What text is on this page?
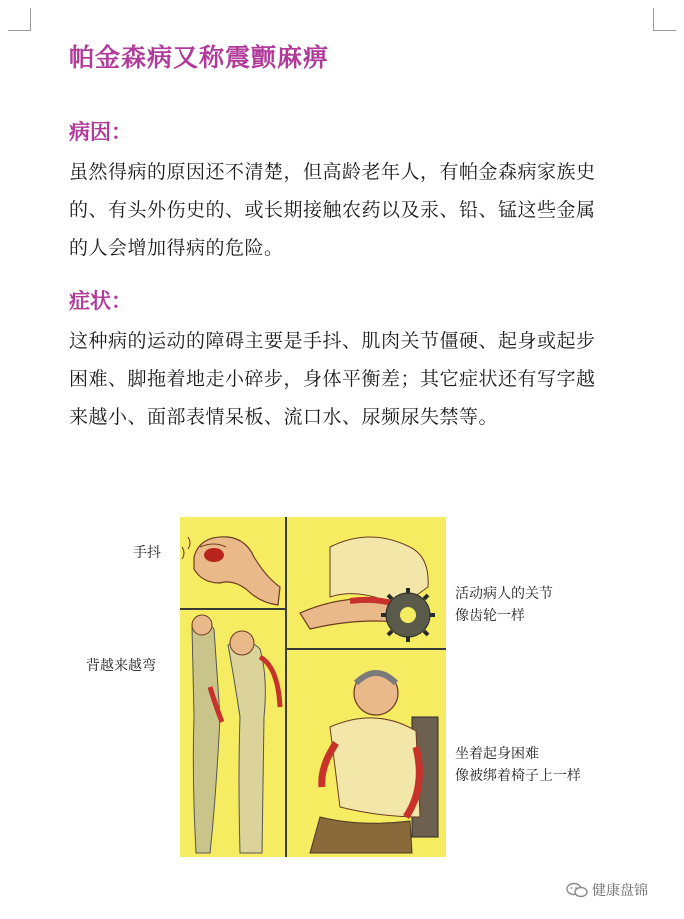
帕金森病又称震颤麻痹
病因：
虽然得病的原因还不清楚，但高龄老年人，有帕金森病家族史
的、有头外伤史的、或长期接触农药以及汞、铅、锰这些金属
的人会增加得病的危险。
症状：
这种病的运动的障碍主要是手抖、肌肉关节僵硬、起身或起步
困难、脚拖着地走小碎步，身体平衡差；其它症状还有写字越
来越小、面部表情呆板、流口水、尿频尿失禁等。
手抖
背越来越弯
活动病人的关节
像齿轮一样
坐着起身困难
像被绑着椅子上一样
健康盘锦
